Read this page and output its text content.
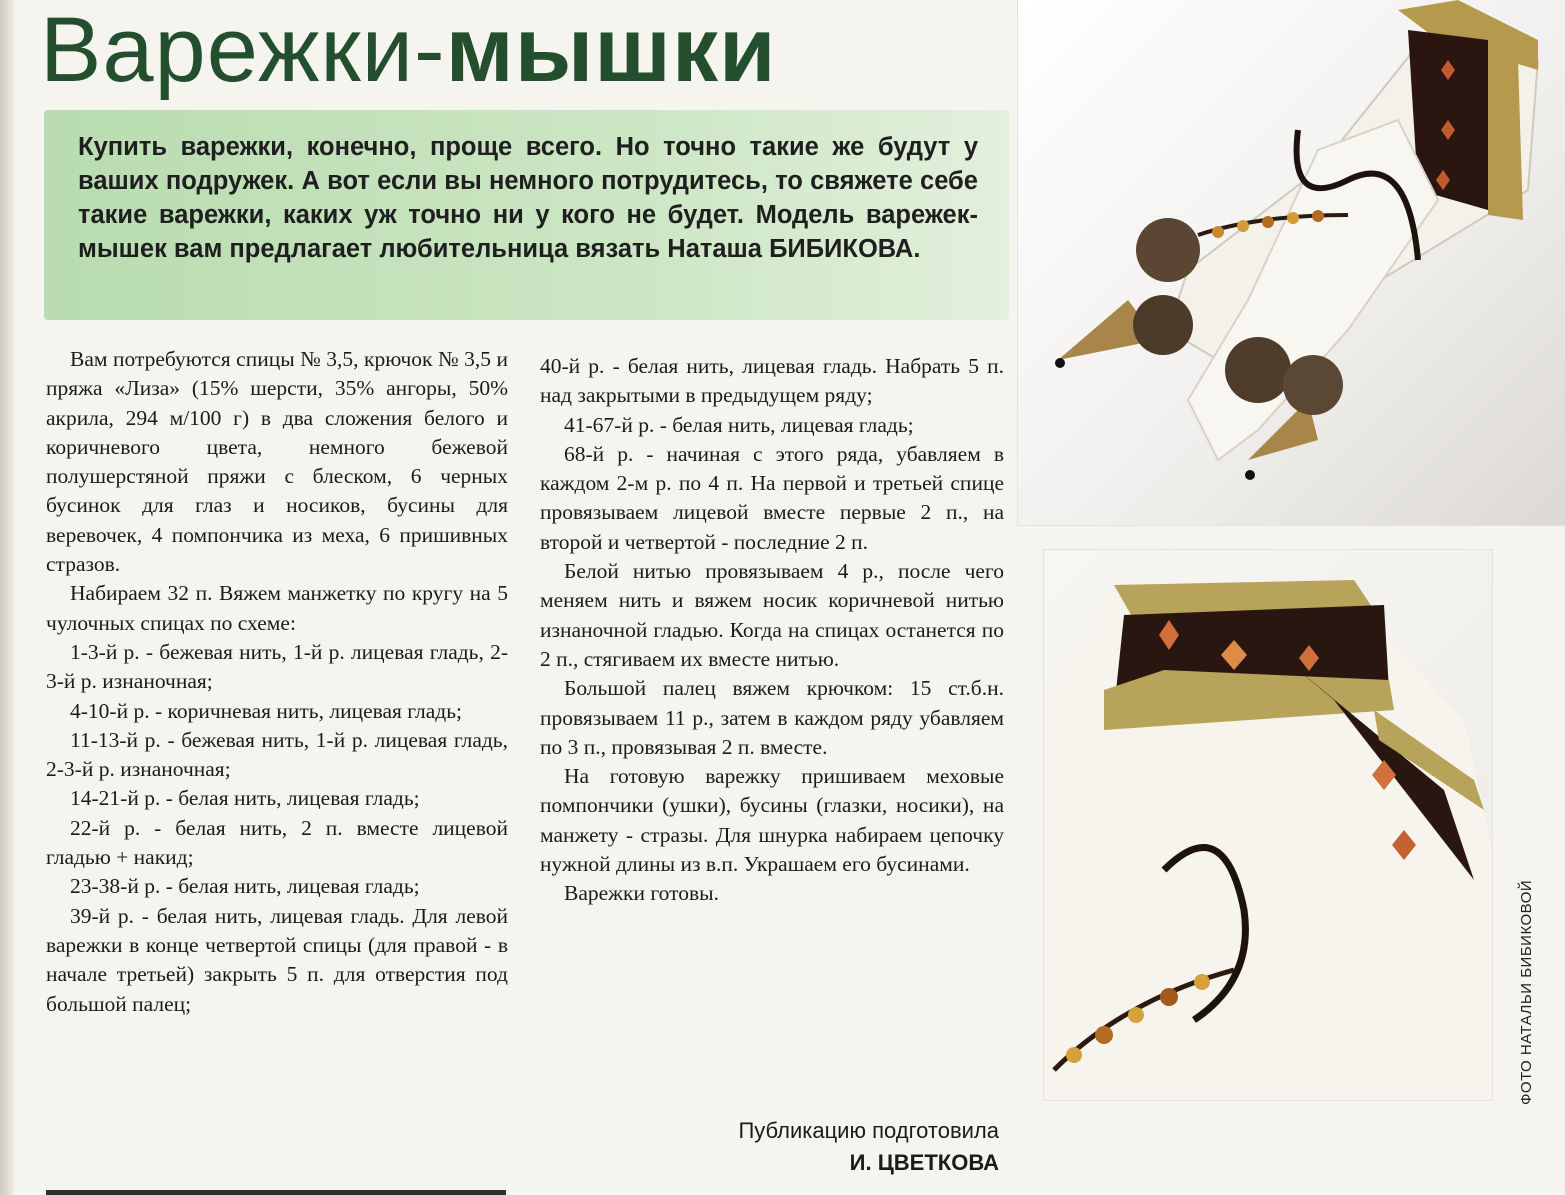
Варежки-мышки

Купить варежки, конечно, проще всего. Но точно такие же будут у ваших подружек. А вот если вы немного потрудитесь, то свяжете себе такие варежки, каких уж точно ни у кого не будет. Модель варежек-мышек вам предлагает любительница вязать Наташа БИБИКОВА.

Вам потребуются спицы № 3,5, крючок № 3,5 и пряжа «Лиза» (15% шерсти, 35% ангоры, 50% акрила, 294 м/100 г) в два сложения белого и коричневого цвета, немного бежевой полушерстяной пряжи с блеском, 6 черных бусинок для глаз и носиков, бусины для веревочек, 4 помпончика из меха, 6 пришивных стразов.

Набираем 32 п. Вяжем манжетку по кругу на 5 чулочных спицах по схеме:

1-3-й р. - бежевая нить, 1-й р. лицевая гладь, 2-3-й р. изнаночная;

4-10-й р. - коричневая нить, лицевая гладь;

11-13-й р. - бежевая нить, 1-й р. лицевая гладь, 2-3-й р. изнаночная;

14-21-й р. - белая нить, лицевая гладь;

22-й р. - белая нить, 2 п. вместе лицевой гладью + накид;

23-38-й р. - белая нить, лицевая гладь;

39-й р. - белая нить, лицевая гладь. Для левой варежки в конце четвертой спицы (для правой - в начале третьей) закрыть 5 п. для отверстия под большой палец;

40-й р. - белая нить, лицевая гладь. Набрать 5 п. над закрытыми в предыдущем ряду;

41-67-й р. - белая нить, лицевая гладь;

68-й р. - начиная с этого ряда, убавляем в каждом 2-м р. по 4 п. На первой и третьей спице провязываем лицевой вместе первые 2 п., на второй и четвертой - последние 2 п.

Белой нитью провязываем 4 р., после чего меняем нить и вяжем носик коричневой нитью изнаночной гладью. Когда на спицах останется по 2 п., стягиваем их вместе нитью.

Большой палец вяжем крючком: 15 ст.б.н. провязываем 11 р., затем в каждом ряду убавляем по 3 п., провязывая 2 п. вместе.

На готовую варежку пришиваем меховые помпончики (ушки), бусины (глазки, носики), на манжету - стразы. Для шнурка набираем цепочку нужной длины из в.п. Украшаем его бусинами.

Варежки готовы.

Публикацию подготовила
И. ЦВЕТКОВА
ФОТО НАТАЛЬИ БИБИКОВОЙ
